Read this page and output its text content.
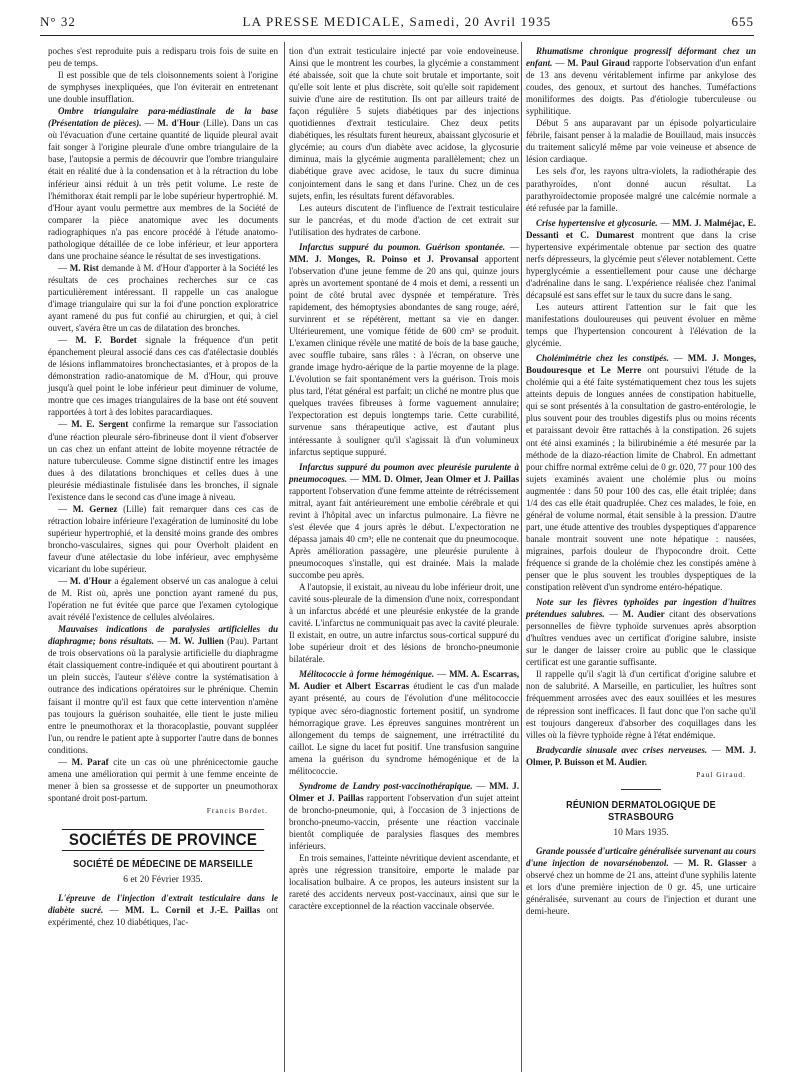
N° 32	LA PRESSE MEDICALE, Samedi, 20 Avril 1935	655

poches s'est reproduite puis a redisparu trois fois de suite en peu de temps.

Il est possible que de tels cloisonnements soient à l'origine de symphyses inexpliquées, que l'on éviterait en entretenant une double insufflation.

Ombre triangulaire para-médiastinale de la base (Présentation de pièces). — M. d'Hour (Lille). Dans un cas où l'évacuation d'une certaine quantité de liquide pleural avait fait songer à l'origine pleurale d'une ombre triangulaire de la base, l'autopsie a permis de découvrir que l'ombre triangulaire était en réalité due à la condensation et à la rétraction du lobe inférieur ainsi réduit à un très petit volume. Le reste de l'hémithorax était rempli par le lobe supérieur hypertrophié. M. d'Hour ayant voulu permettre aux membres de la Société de comparer la pièce anatomique avec les documents radiographiques n'a pas encore procédé à l'étude anatomo-pathologique détaillée de ce lobe inférieur, et leur apportera dans une prochaine séance le résultat de ses investigations.

— M. Rist demande à M. d'Hour d'apporter à la Société les résultats de ces prochaines recherches sur ce cas particulièrement intéressant. Il rappelle un cas analogue d'image triangulaire qui sur la foi d'une ponction exploratrice ayant ramené du pus fut confié au chirurgien, et qui, à ciel ouvert, s'avéra être un cas de dilatation des bronches.

— M. F. Bordet signale la fréquence d'un petit épanchement pleural associé dans ces cas d'atélectasie doublés de lésions inflammatoires bronchectasiantes, et à propos de la démonstration radio-anatomique de M. d'Hour, qui prouve jusqu'à quel point le lobe inférieur peut diminuer de volume, montre que ces images triangulaires de la base ont été souvent rapportées à tort à des lobites paracardiaques.

— M. E. Sergent confirme la remarque sur l'association d'une réaction pleurale séro-fibrineuse dont il vient d'observer un cas chez un enfant atteint de lobite moyenne rétractée de nature tuberculeuse. Comme signe distinctif entre les images dues à des dilatations bronchiques et celles dues à une pleurésie médiastinale fistulisée dans les bronches, il signale l'existence dans le second cas d'une image à niveau.

— M. Gernez (Lille) fait remarquer dans ces cas de rétraction lobaire inférieure l'exagération de luminosité du lobe supérieur hypertrophié, et la densité moins grande des ombres broncho-vasculaires, signes qui pour Overholt plaident en faveur d'une atélectasie du lobe inférieur, avec emphysème vicariant du lobe supérieur.

— M. d'Hour a également observé un cas analogue à celui de M. Rist où, après une ponction ayant ramené du pus, l'opération ne fut évitée que parce que l'examen cytologique avait révélé l'existence de cellules alvéolaires.

Mauvaises indications de paralysies artificielles du diaphragme; bons résultats. — M. W. Jullien (Pau). Partant de trois observations où la paralysie artificielle du diaphragme était classiquement contre-indiquée et qui aboutirent pourtant à un plein succès, l'auteur s'élève contre la systématisation à outrance des indications opératoires sur le phrénique. Chemin faisant il montre qu'il est faux que cette intervention n'amène pas toujours la guérison souhaitée, elle tient le juste milieu entre le pneumothorax et la thoracoplastie, pouvant suppléer l'un, ou rendre le patient apte à supporter l'autre dans de bonnes conditions.

— M. Paraf cite un cas où une phrénicectomie gauche amena une amélioration qui permit à une femme enceinte de mener à bien sa grossesse et de supporter un pneumothorax spontané droit post-partum.

Francis Bordet.
SOCIÉTÉS DE PROVINCE
SOCIÉTÉ DE MÉDECINE DE MARSEILLE
6 et 20 Février 1935.

L'épreuve de l'injection d'extrait testiculaire dans le diabète sucré. — MM. L. Cornil et J.-E. Paillas ont expérimenté, chez 10 diabétiques, l'ac-

tion d'un extrait testiculaire injecté par voie endoveineuse. Ainsi que le montrent les courbes, la glycémie a constamment été abaissée, soit que la chute soit brutale et importante, soit qu'elle soit lente et plus discrète, soit qu'elle soit rapidement suivie d'une aire de restitution. Ils ont par ailleurs traité de façon régulière 5 sujets diabétiques par des injections quotidiennes d'extrait testiculaire. Chez deux petits diabétiques, les résultats furent heureux, abaissant glycosurie et glycémie; au cours d'un diabète avec acidose, la glycosurie diminua, mais la glycémie augmenta parallèlement; chez un diabétique grave avec acidose, le taux du sucre diminua conjointement dans le sang et dans l'urine. Chez un de ces sujets, enfin, les résultats furent défavorables.

Les auteurs discutent de l'influence de l'extrait testiculaire sur le pancréas, et du mode d'action de cet extrait sur l'utilisation des hydrates de carbone.

Infarctus suppuré du poumon. Guérison spontanée. — MM. J. Monges, R. Poinso et J. Provansal apportent l'observation d'une jeune femme de 20 ans qui, quinze jours après un avortement spontané de 4 mois et demi, a ressenti un point de côté brutal avec dyspnée et température. Très rapidement, des hémoptysies abondantes de sang rouge, aéré, survinrent et se répétèrent, mettant sa vie en danger. Ultérieurement, une vomique fétide de 600 cm³ se produit. L'examen clinique révèle une matité de bois de la base gauche, avec souffle tubaire, sans râles : à l'écran, on observe une grande image hydro-aérique de la partie moyenne de la plage. L'évolution se fait spontanément vers la guérison. Trois mois plus tard, l'état général est parfait; un cliché ne montre plus que quelques travées fibreuses à forme vaguement annulaire; l'expectoration est depuis longtemps tarie. Cette curabilité, survenue sans thérapeutique active, est d'autant plus intéressante à souligner qu'il s'agissait là d'un volumineux infarctus septique suppuré.

Infarctus suppuré du poumon avec pleurésie purulente à pneumocoques. — MM. D. Olmer, Jean Olmer et J. Paillas rapportent l'observation d'une femme atteinte de rétrécissement mitral, ayant fait antérieurement une embolie cérébrale et qui revint à l'hôpital avec un infarctus pulmonaire. La fièvre ne s'est élevée que 4 jours après le début. L'expectoration ne dépassa jamais 40 cm³; elle ne contenait que du pneumocoque. Après amélioration passagère, une pleurésie purulente à pneumocoques s'installe, qui est drainée. Mais la malade succombe peu après.

A l'autopsie, il existait, au niveau du lobe inférieur droit, une cavité sous-pleurale de la dimension d'une noix, correspondant à un infarctus abcédé et une pleurésie enkystée de la grande cavité. L'infarctus ne communiquait pas avec la cavité pleurale. Il existait, en outre, un autre infarctus sous-cortical suppuré du lobe supérieur droit et des lésions de broncho-pneumonie bilatérale.

Mélitococcie à forme hémogénique. — MM. A. Escarras, M. Audier et Albert Escarras étudient le cas d'un malade ayant présenté, au cours de l'évolution d'une mélitococcie typique avec séro-diagnostic fortement positif, un syndrome hémorragique grave. Les épreuves sanguines montrèrent un allongement du temps de saignement, une irrétractilité du caillot. Le signe du lacet fut positif. Une transfusion sanguine amena la guérison du syndrome hémogénique et de la mélitococcie.

Syndrome de Landry post-vaccinothérapique. — MM. J. Olmer et J. Paillas rapportent l'observation d'un sujet atteint de broncho-pneumonie, qui, à l'occasion de 3 injections de broncho-pneumo-vaccin, présente une réaction vaccinale bientôt compliquée de paralysies flasques des membres inférieurs.

En trois semaines, l'atteinte névritique devient ascendante, et après une régression transitoire, emporte le malade par localisation bulbaire. A ce propos, les auteurs insistent sur la rareté des accidents nerveux post-vaccinaux, ainsi que sur le caractère exceptionnel de la réaction vaccinale observée.

Rhumatisme chronique progressif déformant chez un enfant. — M. Paul Giraud rapporte l'observation d'un enfant de 13 ans devenu véritablement infirme par ankylose des coudes, des genoux, et surtout des hanches. Tuméfactions moniliformes des doigts. Pas d'étiologie tuberculeuse ou syphilitique.

Début 5 ans auparavant par un épisode polyarticulaire fébrile, faisant penser à la maladie de Bouillaud, mais insuccès du traitement salicylé même par voie veineuse et absence de lésion cardiaque.

Les sels d'or, les rayons ultra-violets, la radiothérapie des parathyroïdes, n'ont donné aucun résultat. La parathyroïdectomie proposée malgré une calcémie normale a été refusée par la famille.

Crise hypertensive et glycosurie. — MM. J. Malméjac, E. Dessanti et C. Dumarest montrent que dans la crise hypertensive expérimentale obtenue par section des quatre nerfs dépresseurs, la glycémie peut s'élever notablement. Cette hyperglycémie a essentiellement pour cause une décharge d'adrénaline dans le sang. L'expérience réalisée chez l'animal décapsulé est sans effet sur le taux du sucre dans le sang.

Les auteurs attirent l'attention sur le fait que les manifestations douloureuses qui peuvent évoluer en même temps que l'hypertension concourent à l'élévation de la glycémie.

Cholémimétrie chez les constipés. — MM. J. Monges, Boudouresque et Le Merre ont poursuivi l'étude de la cholémie qui a été faite systématiquement chez tous les sujets atteints depuis de longues années de constipation habituelle, qui se sont présentés à la consultation de gastro-entérologie, le plus souvent pour des troubles digestifs plus ou moins récents et paraissant devoir être rattachés à la constipation. 26 sujets ont été ainsi examinés ; la bilirubinémie a été mesurée par la méthode de la diazo-réaction limite de Chabrol. En admettant pour chiffre normal extrême celui de 0 gr. 020, 77 pour 100 des sujets examinés avaient une cholémie plus ou moins augmentée : dans 50 pour 100 des cas, elle était triplée; dans 1/4 des cas elle était quadruplée. Chez ces malades, le foie, en général de volume normal, était sensible à la pression. D'autre part, une étude attentive des troubles dyspeptiques d'apparence banale montrait souvent une note hépatique : nausées, migraines, parfois douleur de l'hypocondre droit. Cette fréquence si grande de la cholémie chez les constipés amène à penser que le plus souvent les troubles dyspeptiques de la constipation relèvent d'un syndrome entéro-hépatique.

Note sur les fièvres typhoïdes par ingestion d'huîtres prétendues salubres. — M. Audier citant des observations personnelles de fièvre typhoïde survenues après absorption d'huîtres vendues avec un certificat d'origine salubre, insiste sur le danger de laisser croire au public que le classique certificat est une garantie suffisante.

Il rappelle qu'il s'agit là d'un certificat d'origine salubre et non de salubrité. A Marseille, en particulier, les huîtres sont fréquemment arrosées avec des eaux souillées et les mesures de répression sont inefficaces. Il faut donc que l'on sache qu'il est toujours dangereux d'absorber des coquillages dans les villes où la fièvre typhoïde règne à l'état endémique.

Bradycardie sinusale avec crises nerveuses. — MM. J. Olmer, P. Buisson et M. Audier.

Paul Giraud.
RÉUNION DERMATOLOGIQUE DE STRASBOURG
10 Mars 1935.

Grande poussée d'urticaire généralisée survenant au cours d'une injection de novarsénobenzol. — M. R. Glasser a observé chez un homme de 21 ans, atteint d'une syphilis latente et lors d'une première injection de 0 gr. 45, une urticaire généralisée, survenant au cours de l'injection et durant une demi-heure.
